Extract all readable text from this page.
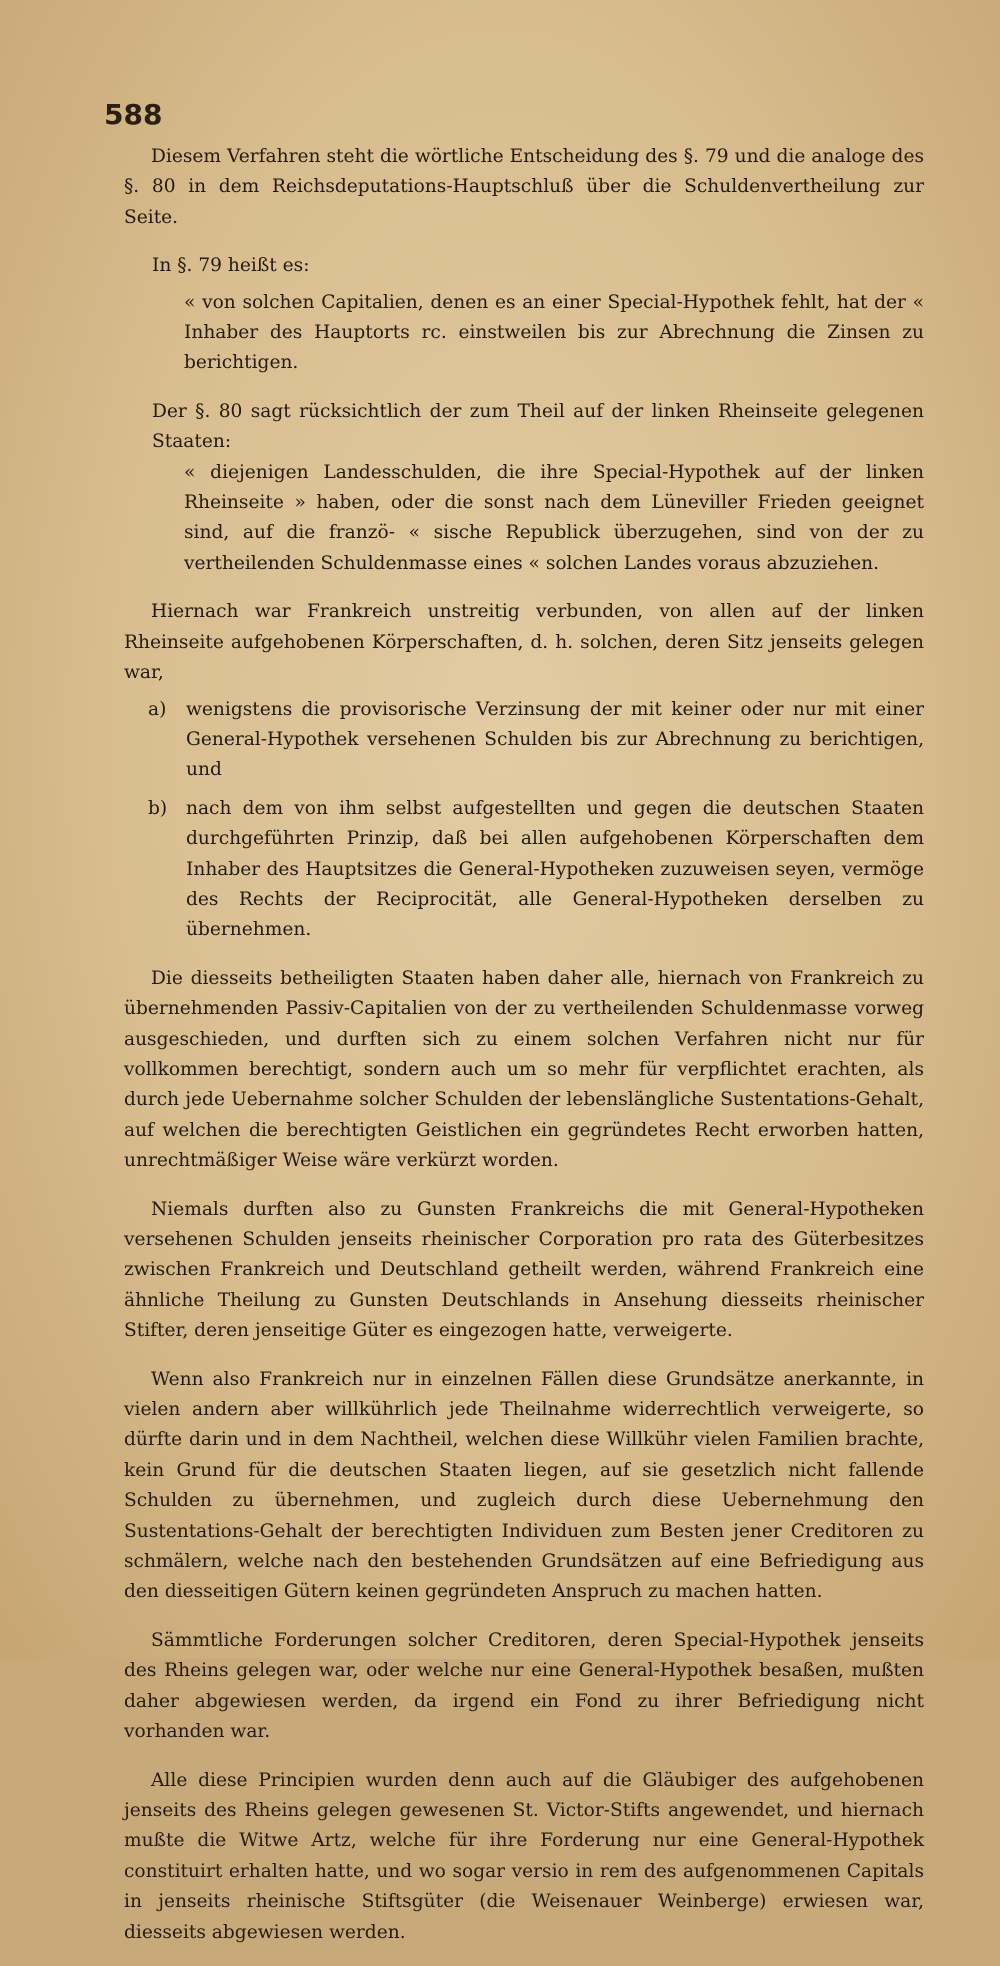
588
Diesem Verfahren steht die wörtliche Entscheidung des §. 79 und die analoge des §. 80 in dem Reichsdeputations-Hauptschluß über die Schuldenvertheilung zur Seite.
In §. 79 heißt es:
« von solchen Capitalien, denen es an einer Special-Hypothek fehlt, hat der « Inhaber des Hauptorts rc. einstweilen bis zur Abrechnung die Zinsen zu berichtigen.
Der §. 80 sagt rücksichtlich der zum Theil auf der linken Rheinseite gelegenen Staaten:
« diejenigen Landesschulden, die ihre Special-Hypothek auf der linken Rheinseite » haben, oder die sonst nach dem Lüneviller Frieden geeignet sind, auf die franzö- « sische Republick überzugehen, sind von der zu vertheilenden Schuldenmasse eines « solchen Landes voraus abzuziehen.
Hiernach war Frankreich unstreitig verbunden, von allen auf der linken Rheinseite aufgehobenen Körperschaften, d. h. solchen, deren Sitz jenseits gelegen war,
a)	wenigstens die provisorische Verzinsung der mit keiner oder nur mit einer General-Hypothek versehenen Schulden bis zur Abrechnung zu berichtigen, und
b)	nach dem von ihm selbst aufgestellten und gegen die deutschen Staaten durchgeführten Prinzip, daß bei allen aufgehobenen Körperschaften dem Inhaber des Hauptsitzes die General-Hypotheken zuzuweisen seyen, vermöge des Rechts der Reciprocität, alle General-Hypotheken derselben zu übernehmen.
Die diesseits betheiligten Staaten haben daher alle, hiernach von Frankreich zu übernehmenden Passiv-Capitalien von der zu vertheilenden Schuldenmasse vorweg ausgeschieden, und durften sich zu einem solchen Verfahren nicht nur für vollkommen berechtigt, sondern auch um so mehr für verpflichtet erachten, als durch jede Uebernahme solcher Schulden der lebenslängliche Sustentations-Gehalt, auf welchen die berechtigten Geistlichen ein gegründetes Recht erworben hatten, unrechtmäßiger Weise wäre verkürzt worden.
Niemals durften also zu Gunsten Frankreichs die mit General-Hypotheken versehenen Schulden jenseits rheinischer Corporation pro rata des Güterbesitzes zwischen Frankreich und Deutschland getheilt werden, während Frankreich eine ähnliche Theilung zu Gunsten Deutschlands in Ansehung diesseits rheinischer Stifter, deren jenseitige Güter es eingezogen hatte, verweigerte.
Wenn also Frankreich nur in einzelnen Fällen diese Grundsätze anerkannte, in vielen andern aber willkührlich jede Theilnahme widerrechtlich verweigerte, so dürfte darin und in dem Nachtheil, welchen diese Willkühr vielen Familien brachte, kein Grund für die deutschen Staaten liegen, auf sie gesetzlich nicht fallende Schulden zu übernehmen, und zugleich durch diese Uebernehmung den Sustentations-Gehalt der berechtigten Individuen zum Besten jener Creditoren zu schmälern, welche nach den bestehenden Grundsätzen auf eine Befriedigung aus den diesseitigen Gütern keinen gegründeten Anspruch zu machen hatten.
Sämmtliche Forderungen solcher Creditoren, deren Special-Hypothek jenseits des Rheins gelegen war, oder welche nur eine General-Hypothek besaßen, mußten daher abgewiesen werden, da irgend ein Fond zu ihrer Befriedigung nicht vorhanden war.
Alle diese Principien wurden denn auch auf die Gläubiger des aufgehobenen jenseits des Rheins gelegen gewesenen St. Victor-Stifts angewendet, und hiernach mußte die Witwe Artz, welche für ihre Forderung nur eine General-Hypothek constituirt erhalten hatte, und wo sogar versio in rem des aufgenommenen Capitals in jenseits rheinische Stiftsgüter (die Weisenauer Weinberge) erwiesen war, diesseits abgewiesen werden.
